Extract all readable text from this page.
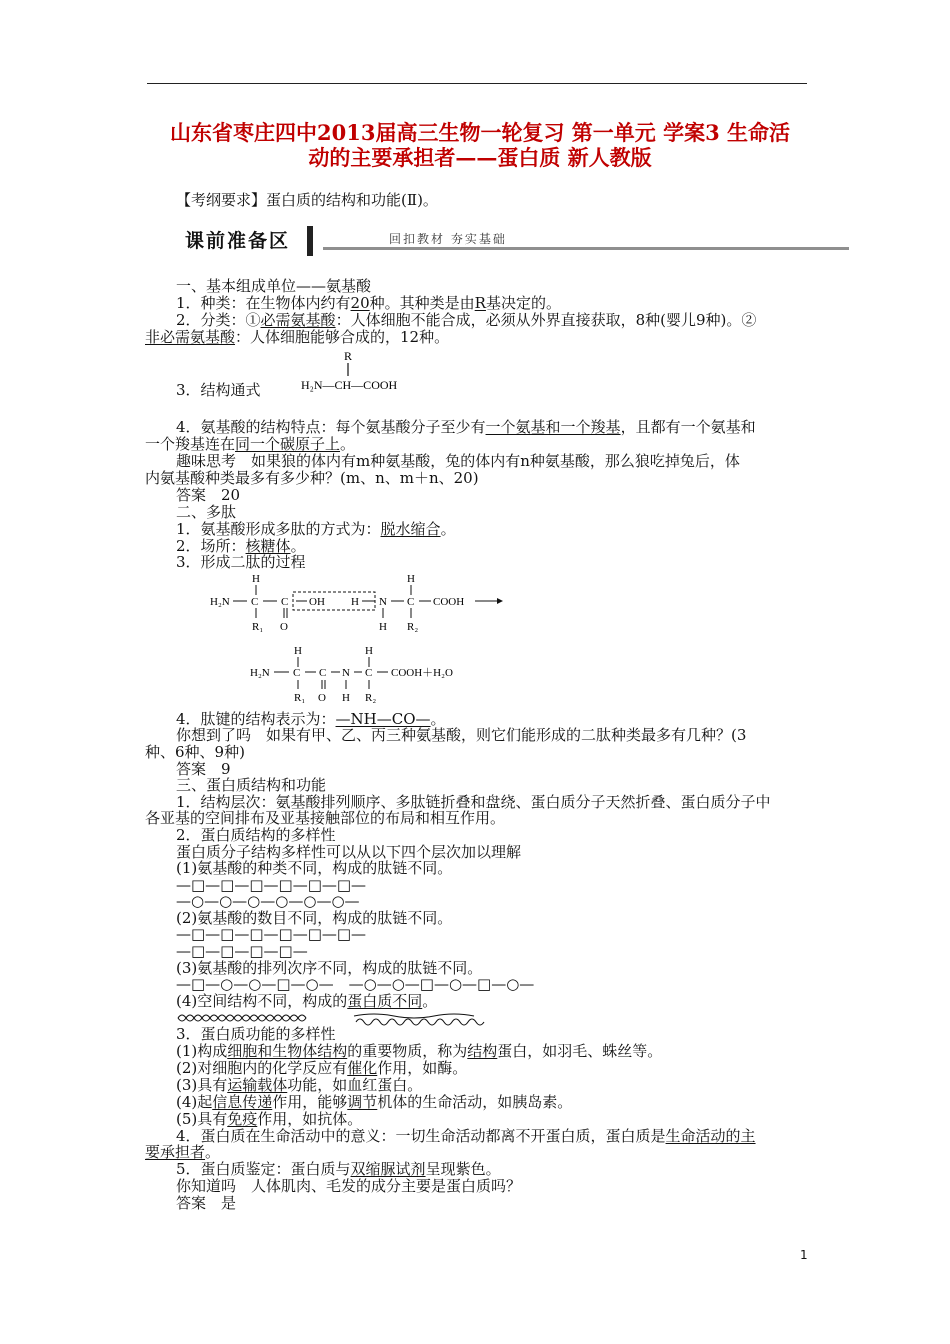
山东省枣庄四中2013届高三生物一轮复习 第一单元 学案3 生命活
动的主要承担者——蛋白质 新人教版
【考纲要求】蛋白质的结构和功能(Ⅱ)。
课前准备区	回扣教材 夯实基础
一、基本组成单位——氨基酸
1．种类：在生物体内约有20种。其种类是由R基决定的。
2．分类：①必需氨基酸：人体细胞不能合成，必须从外界直接获取，8种(婴儿9种)。②
非必需氨基酸：人体细胞能够合成的，12种。
R
H₂N—CH—COOH
3．结构通式
4．氨基酸的结构特点：每个氨基酸分子至少有一个氨基和一个羧基，且都有一个氨基和
一个羧基连在同一个碳原子上。
趣味思考　如果狼的体内有m种氨基酸，兔的体内有n种氨基酸，那么狼吃掉兔后，体
内氨基酸种类最多有多少种？(m、n、m＋n、20)
答案　20
二、多肽
1．氨基酸形成多肽的方式为：脱水缩合。
2．场所：核糖体。
3．形成二肽的过程
H	H
H₂N C C OH H N C COOH
R₁ O	H R₂
H	H
H₂N C C N C COOH＋H₂O
R₁ O H R₂
4．肽键的结构表示为：—NH—CO—。
你想到了吗　如果有甲、乙、丙三种氨基酸，则它们能形成的二肽种类最多有几种？(3
种、6种、9种)
答案　9
三、蛋白质结构和功能
1．结构层次：氨基酸排列顺序、多肽链折叠和盘绕、蛋白质分子天然折叠、蛋白质分子中
各亚基的空间排布及亚基接触部位的布局和相互作用。
2．蛋白质结构的多样性
蛋白质分子结构多样性可以从以下四个层次加以理解
(1)氨基酸的种类不同，构成的肽链不同。
—□—□—□—□—□—□—
—○—○—○—○—○—○—
(2)氨基酸的数目不同，构成的肽链不同。
—□—□—□—□—□—□—
—□—□—□—□—
(3)氨基酸的排列次序不同，构成的肽链不同。
—□—○—○—□—○—　—○—○—□—○—□—○—
(4)空间结构不同，构成的蛋白质不同。
3．蛋白质功能的多样性
(1)构成细胞和生物体结构的重要物质，称为结构蛋白，如羽毛、蛛丝等。
(2)对细胞内的化学反应有催化作用，如酶。
(3)具有运输载体功能，如血红蛋白。
(4)起信息传递作用，能够调节机体的生命活动，如胰岛素。
(5)具有免疫作用，如抗体。
4．蛋白质在生命活动中的意义：一切生命活动都离不开蛋白质，蛋白质是生命活动的主
要承担者。
5．蛋白质鉴定：蛋白质与双缩脲试剂呈现紫色。
你知道吗　人体肌肉、毛发的成分主要是蛋白质吗？
答案　是
1
